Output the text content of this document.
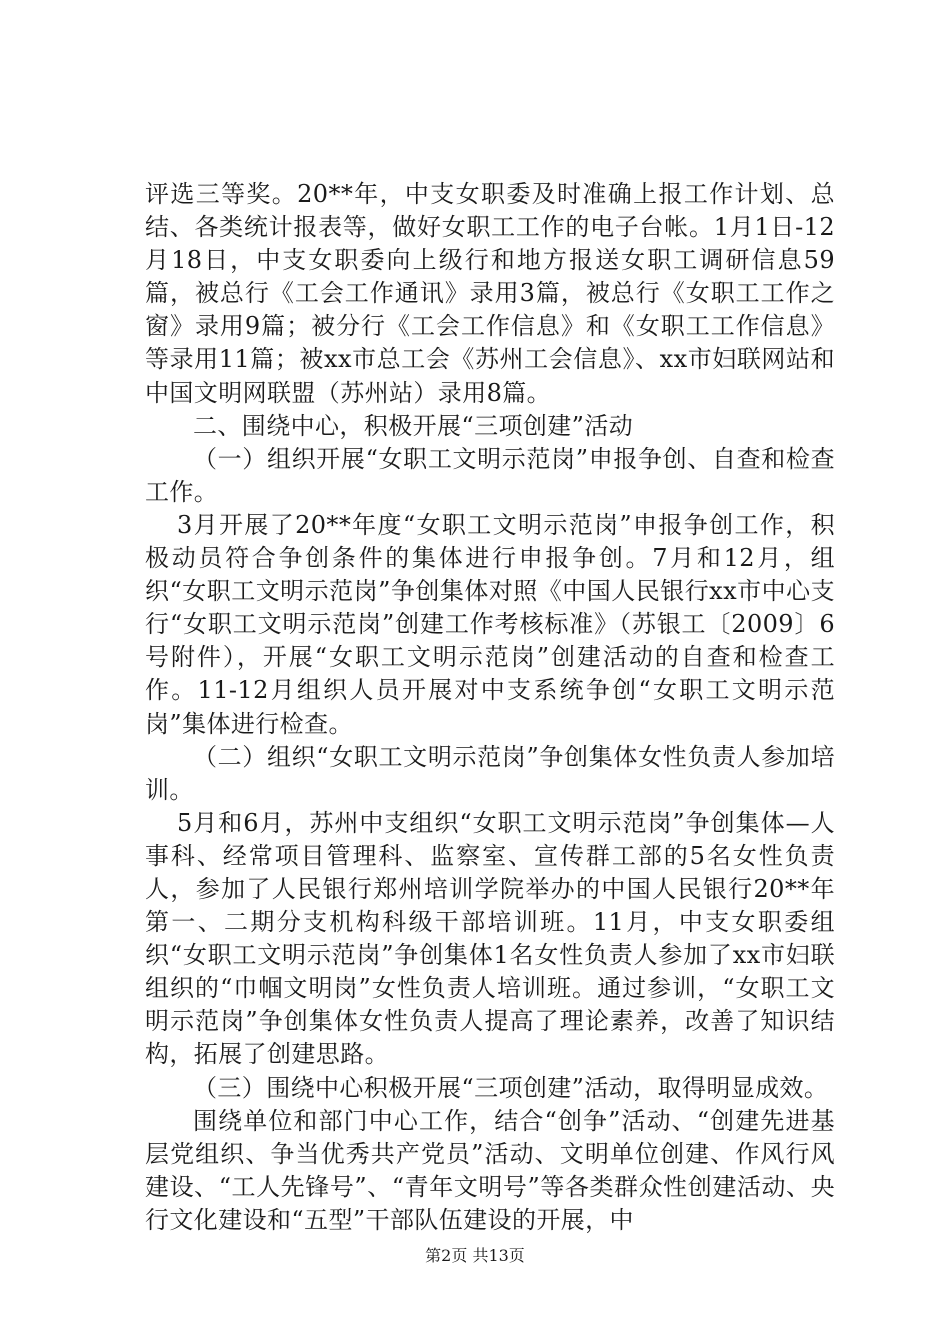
评选三等奖。20**年，中支女职委及时准确上报工作计划、总结、各类统计报表等，做好女职工工作的电子台帐。1月1日-12月18日，中支女职委向上级行和地方报送女职工调研信息59篇，被总行《工会工作通讯》录用3篇，被总行《女职工工作之窗》录用9篇；被分行《工会工作信息》和《女职工工作信息》等录用11篇；被xx市总工会《苏州工会信息》、xx市妇联网站和中国文明网联盟（苏州站）录用8篇。

二、围绕中心，积极开展“三项创建”活动

（一）组织开展“女职工文明示范岗”申报争创、自查和检查工作。

3月开展了20**年度“女职工文明示范岗”申报争创工作，积极动员符合争创条件的集体进行申报争创。7月和12月，组织“女职工文明示范岗”争创集体对照《中国人民银行xx市中心支行“女职工文明示范岗”创建工作考核标准》（苏银工〔2009〕6号附件），开展“女职工文明示范岗”创建活动的自查和检查工作。11-12月组织人员开展对中支系统争创“女职工文明示范岗”集体进行检查。

（二）组织“女职工文明示范岗”争创集体女性负责人参加培训。

5月和6月，苏州中支组织“女职工文明示范岗”争创集体—人事科、经常项目管理科、监察室、宣传群工部的5名女性负责人，参加了人民银行郑州培训学院举办的中国人民银行20**年第一、二期分支机构科级干部培训班。11月，中支女职委组织“女职工文明示范岗”争创集体1名女性负责人参加了xx市妇联组织的“巾帼文明岗”女性负责人培训班。通过参训，“女职工文明示范岗”争创集体女性负责人提高了理论素养，改善了知识结构，拓展了创建思路。

（三）围绕中心积极开展“三项创建”活动，取得明显成效。

围绕单位和部门中心工作，结合“创争”活动、“创建先进基层党组织、争当优秀共产党员”活动、文明单位创建、作风行风建设、“工人先锋号”、“青年文明号”等各类群众性创建活动、央行文化建设和“五型”干部队伍建设的开展，中

第2页 共13页
